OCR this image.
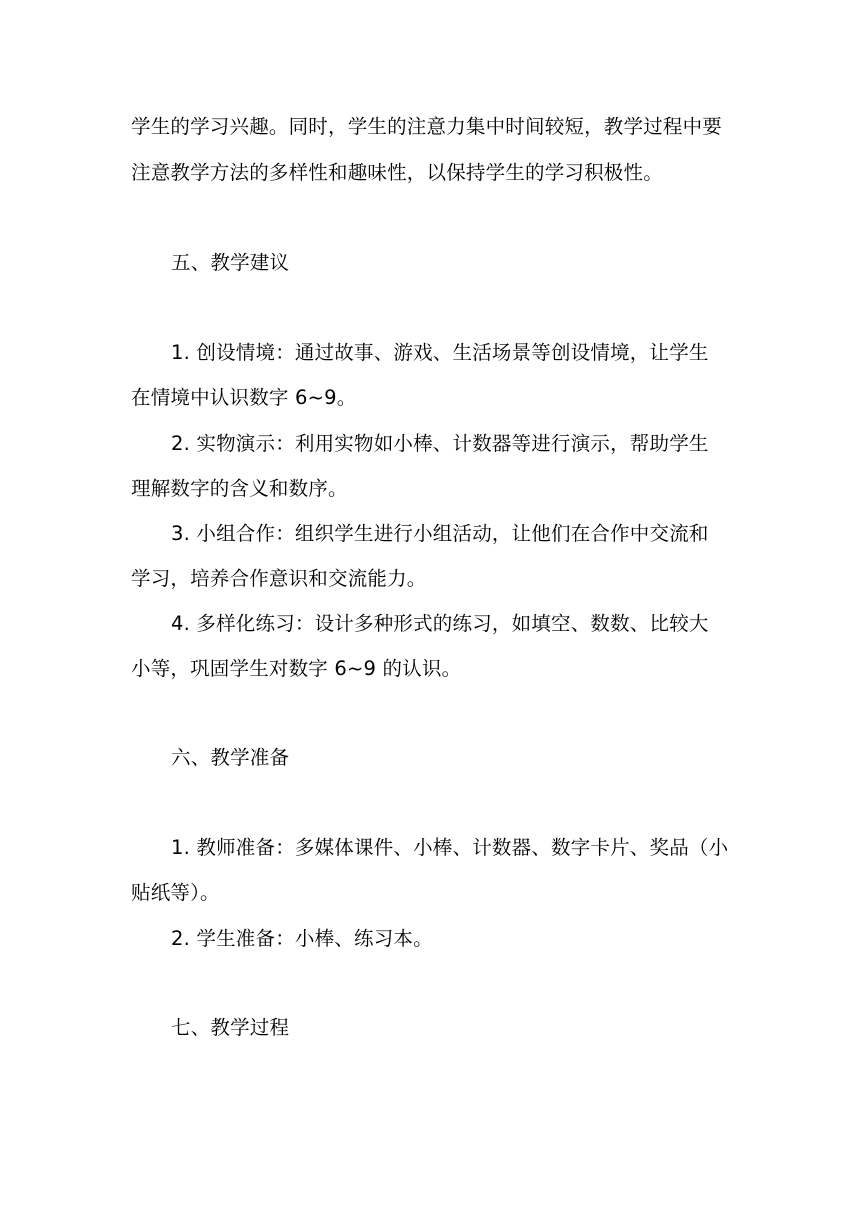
学生的学习兴趣。同时，学生的注意力集中时间较短，教学过程中要
注意教学方法的多样性和趣味性，以保持学生的学习积极性。
五、教学建议
1. 创设情境：通过故事、游戏、生活场景等创设情境，让学生
在情境中认识数字 6~9。
2. 实物演示：利用实物如小棒、计数器等进行演示，帮助学生
理解数字的含义和数序。
3. 小组合作：组织学生进行小组活动，让他们在合作中交流和
学习，培养合作意识和交流能力。
4. 多样化练习：设计多种形式的练习，如填空、数数、比较大
小等，巩固学生对数字 6~9 的认识。
六、教学准备
1. 教师准备：多媒体课件、小棒、计数器、数字卡片、奖品（小
贴纸等）。
2. 学生准备：小棒、练习本。
七、教学过程
